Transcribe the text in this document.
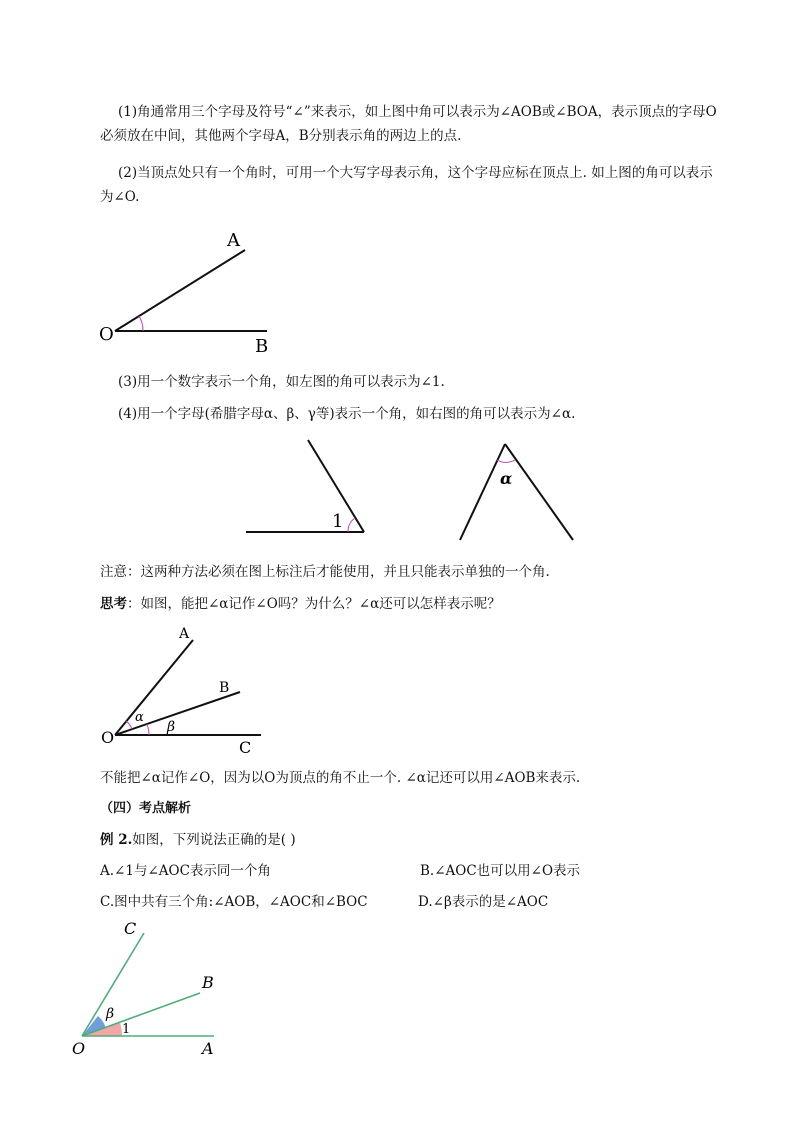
(1)角通常用三个字母及符号“∠”来表示，如上图中角可以表示为∠AOB或∠BOA，表示顶点的字母O
必须放在中间，其他两个字母A，B分别表示角的两边上的点.
(2)当顶点处只有一个角时，可用一个大写字母表示角，这个字母应标在顶点上. 如上图的角可以表示
为∠O.
A
O
B
(3)用一个数字表示一个角，如左图的角可以表示为∠1.
(4)用一个字母(希腊字母α、β、γ等)表示一个角，如右图的角可以表示为∠α.
1
α
注意：这两种方法必须在图上标注后才能使用，并且只能表示单独的一个角.
思考：如图，能把∠α记作∠O吗？为什么？∠α还可以怎样表示呢？
A
B
O
C
α
β
不能把∠α记作∠O，因为以O为顶点的角不止一个. ∠α记还可以用∠AOB来表示.
（四）考点解析
例 2.如图，下列说法正确的是( )
A.∠1与∠AOC表示同一个角	B.∠AOC也可以用∠O表示
C.图中共有三个角:∠AOB，∠AOC和∠BOC	D.∠β表示的是∠AOC
C
B
O	A
β
1
